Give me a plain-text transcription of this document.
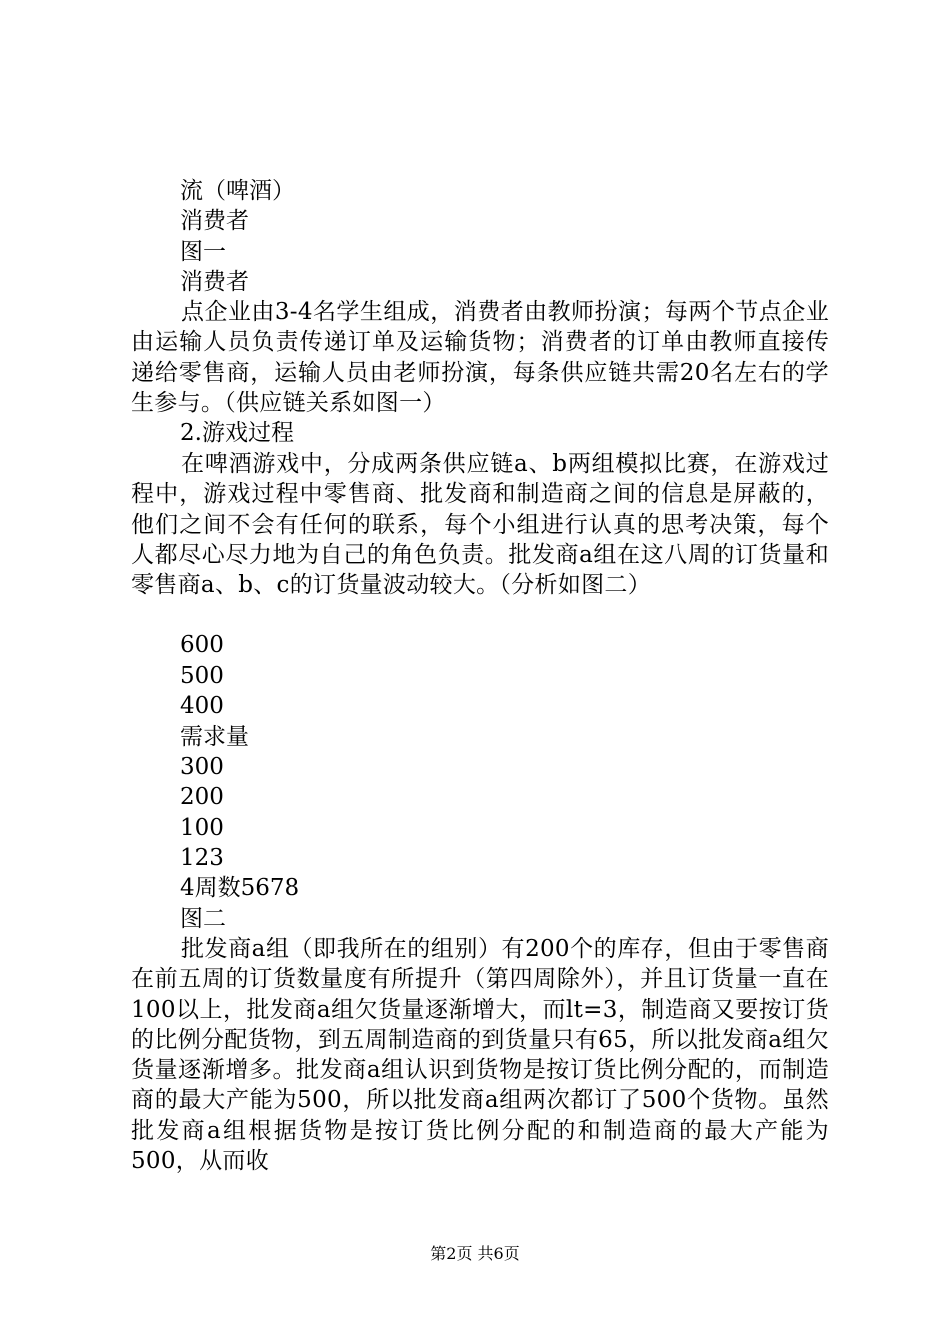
流（啤酒）
消费者
图一
消费者
点企业由3-4名学生组成，消费者由教师扮演；每两个节点企业由运输人员负责传递订单及运输货物；消费者的订单由教师直接传递给零售商，运输人员由老师扮演，每条供应链共需20名左右的学生参与。（供应链关系如图一）
2.游戏过程
在啤酒游戏中，分成两条供应链a、b两组模拟比赛，在游戏过程中，游戏过程中零售商、批发商和制造商之间的信息是屏蔽的，他们之间不会有任何的联系，每个小组进行认真的思考决策，每个人都尽心尽力地为自己的角色负责。批发商a组在这八周的订货量和零售商a、b、c的订货量波动较大。（分析如图二）
600
500
400
需求量
300
200
100
123
4周数5678
图二
批发商a组（即我所在的组别）有200个的库存，但由于零售商在前五周的订货数量度有所提升（第四周除外），并且订货量一直在100以上，批发商a组欠货量逐渐增大，而lt=3，制造商又要按订货的比例分配货物，到五周制造商的到货量只有65，所以批发商a组欠货量逐渐增多。批发商a组认识到货物是按订货比例分配的，而制造商的最大产能为500，所以批发商a组两次都订了500个货物。虽然批发商a组根据货物是按订货比例分配的和制造商的最大产能为500，从而收
第2页 共6页
